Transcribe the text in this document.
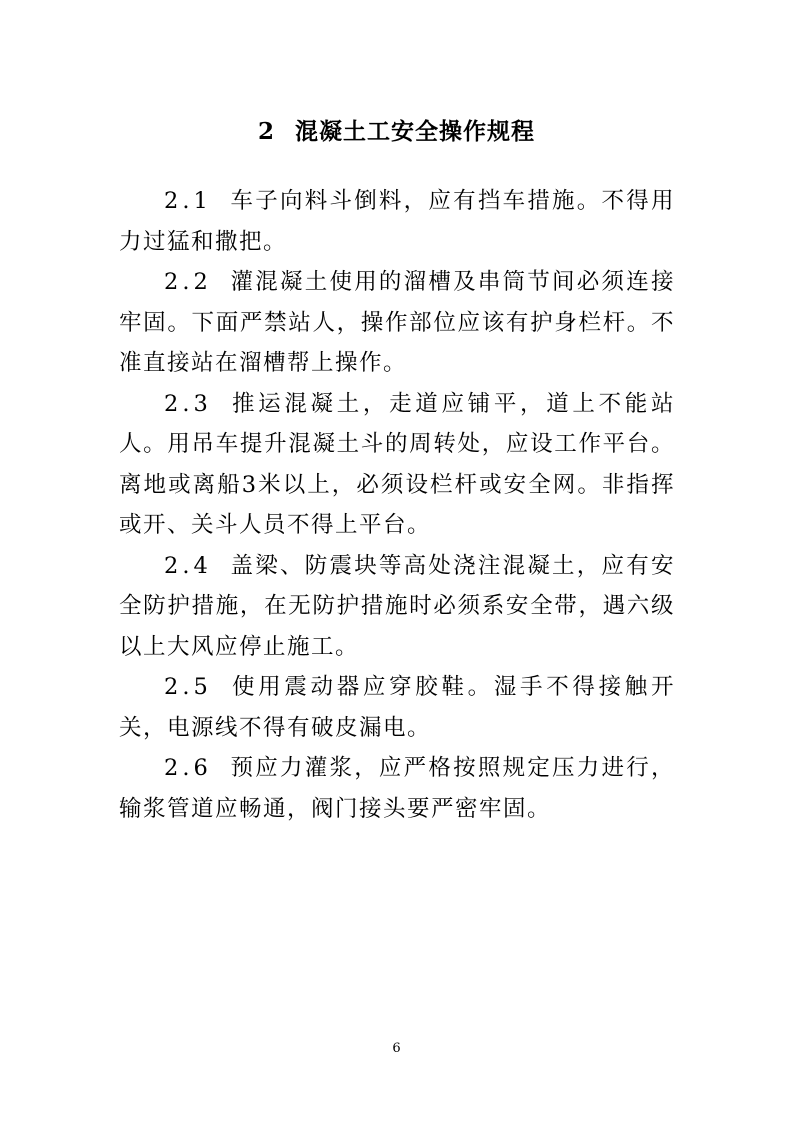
2 混凝土工安全操作规程

2.1 车子向料斗倒料，应有挡车措施。不得用力过猛和撒把。

2.2 灌混凝土使用的溜槽及串筒节间必须连接牢固。下面严禁站人，操作部位应该有护身栏杆。不准直接站在溜槽帮上操作。

2.3 推运混凝土，走道应铺平，道上不能站人。用吊车提升混凝土斗的周转处，应设工作平台。离地或离船3米以上，必须设栏杆或安全网。非指挥或开、关斗人员不得上平台。

2.4 盖梁、防震块等高处浇注混凝土，应有安全防护措施，在无防护措施时必须系安全带，遇六级以上大风应停止施工。

2.5 使用震动器应穿胶鞋。湿手不得接触开关，电源线不得有破皮漏电。

2.6 预应力灌浆，应严格按照规定压力进行，输浆管道应畅通，阀门接头要严密牢固。

6
